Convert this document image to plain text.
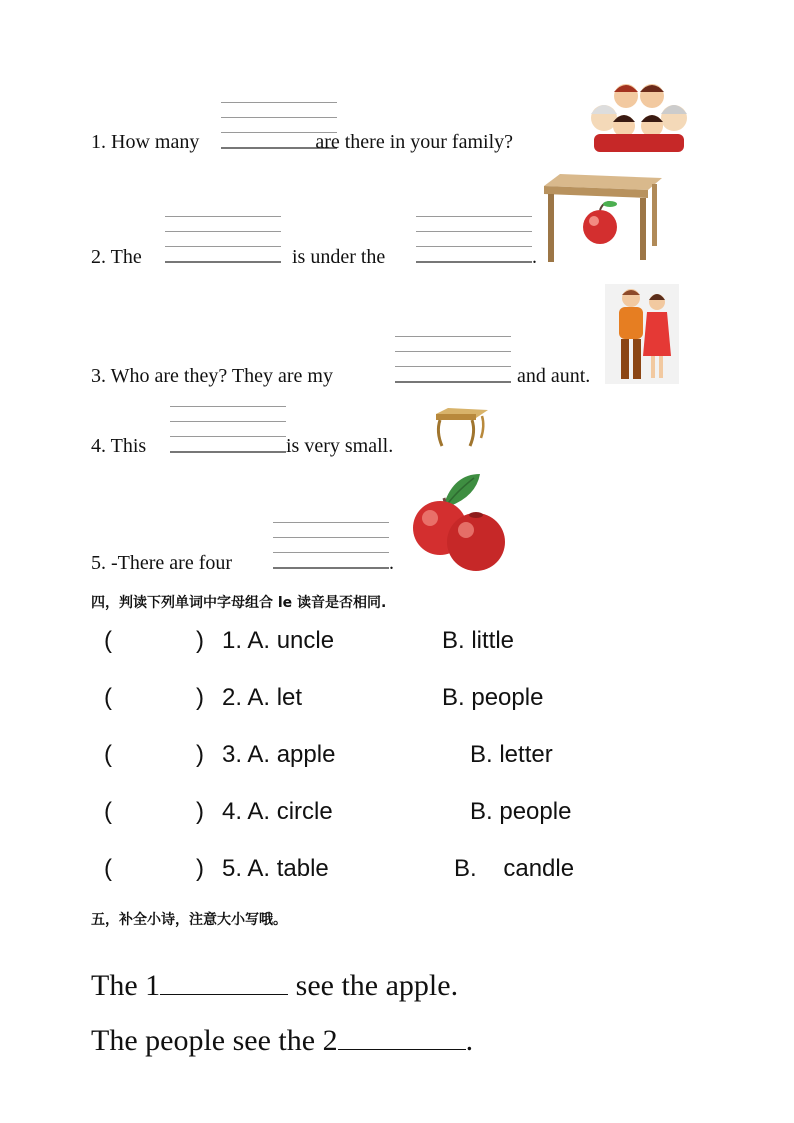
1. How many	are there in your family?
2. The	is under the	.
3. Who are they? They are my	and aunt.
4. This	is very small.
5. -There are four	.
四，判读下列单词中字母组合 le 读音是否相同.
(	) 1. A. uncle	B. little
(	) 2. A. let	B. people
(	) 3. A. apple	B. letter
(	) 4. A. circle	B. people
(	) 5. A. table	B.    candle
五，补全小诗，注意大小写哦。
The 1	see the apple.
The people see the 2	.
